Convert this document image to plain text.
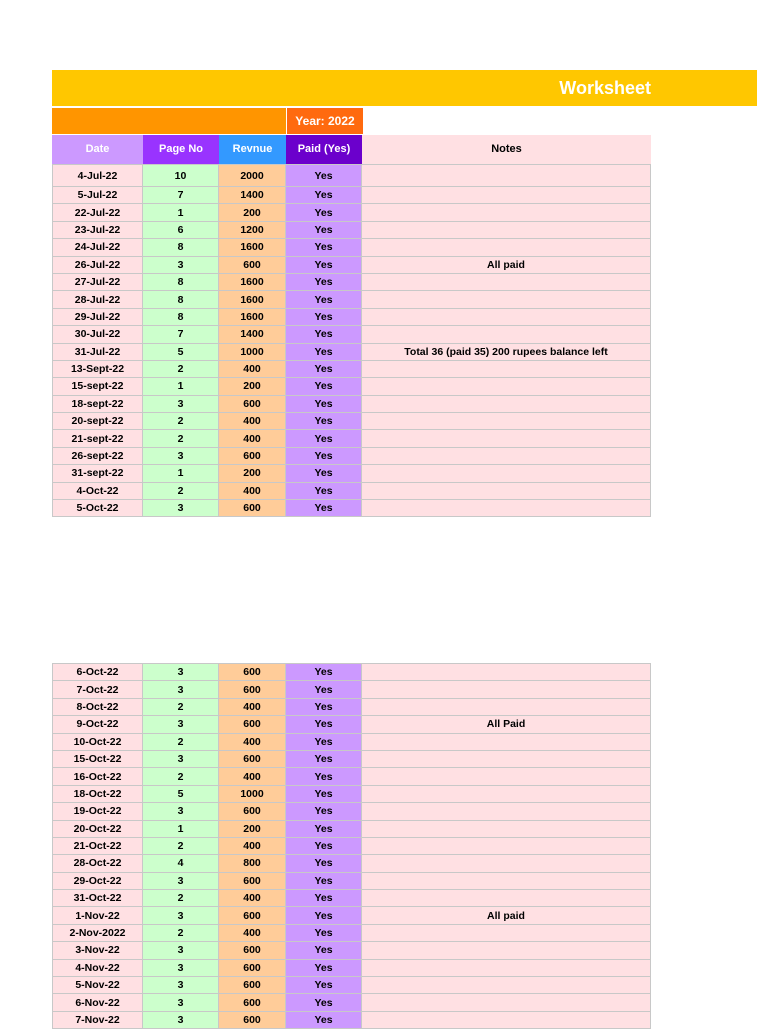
Worksheet
Year: 2022
Date	Page No	Revnue	Paid (Yes)	Notes
4-Jul-22	10	2000	Yes
5-Jul-22	7	1400	Yes
22-Jul-22	1	200	Yes
23-Jul-22	6	1200	Yes
24-Jul-22	8	1600	Yes
26-Jul-22	3	600	Yes	All paid
27-Jul-22	8	1600	Yes
28-Jul-22	8	1600	Yes
29-Jul-22	8	1600	Yes
30-Jul-22	7	1400	Yes
31-Jul-22	5	1000	Yes	Total 36 (paid 35) 200 rupees balance left
13-Sept-22	2	400	Yes
15-sept-22	1	200	Yes
18-sept-22	3	600	Yes
20-sept-22	2	400	Yes
21-sept-22	2	400	Yes
26-sept-22	3	600	Yes
31-sept-22	1	200	Yes
4-Oct-22	2	400	Yes
5-Oct-22	3	600	Yes
6-Oct-22	3	600	Yes
7-Oct-22	3	600	Yes
8-Oct-22	2	400	Yes
9-Oct-22	3	600	Yes	All Paid
10-Oct-22	2	400	Yes
15-Oct-22	3	600	Yes
16-Oct-22	2	400	Yes
18-Oct-22	5	1000	Yes
19-Oct-22	3	600	Yes
20-Oct-22	1	200	Yes
21-Oct-22	2	400	Yes
28-Oct-22	4	800	Yes
29-Oct-22	3	600	Yes
31-Oct-22	2	400	Yes
1-Nov-22	3	600	Yes	All paid
2-Nov-2022	2	400	Yes
3-Nov-22	3	600	Yes
4-Nov-22	3	600	Yes
5-Nov-22	3	600	Yes
6-Nov-22	3	600	Yes
7-Nov-22	3	600	Yes
